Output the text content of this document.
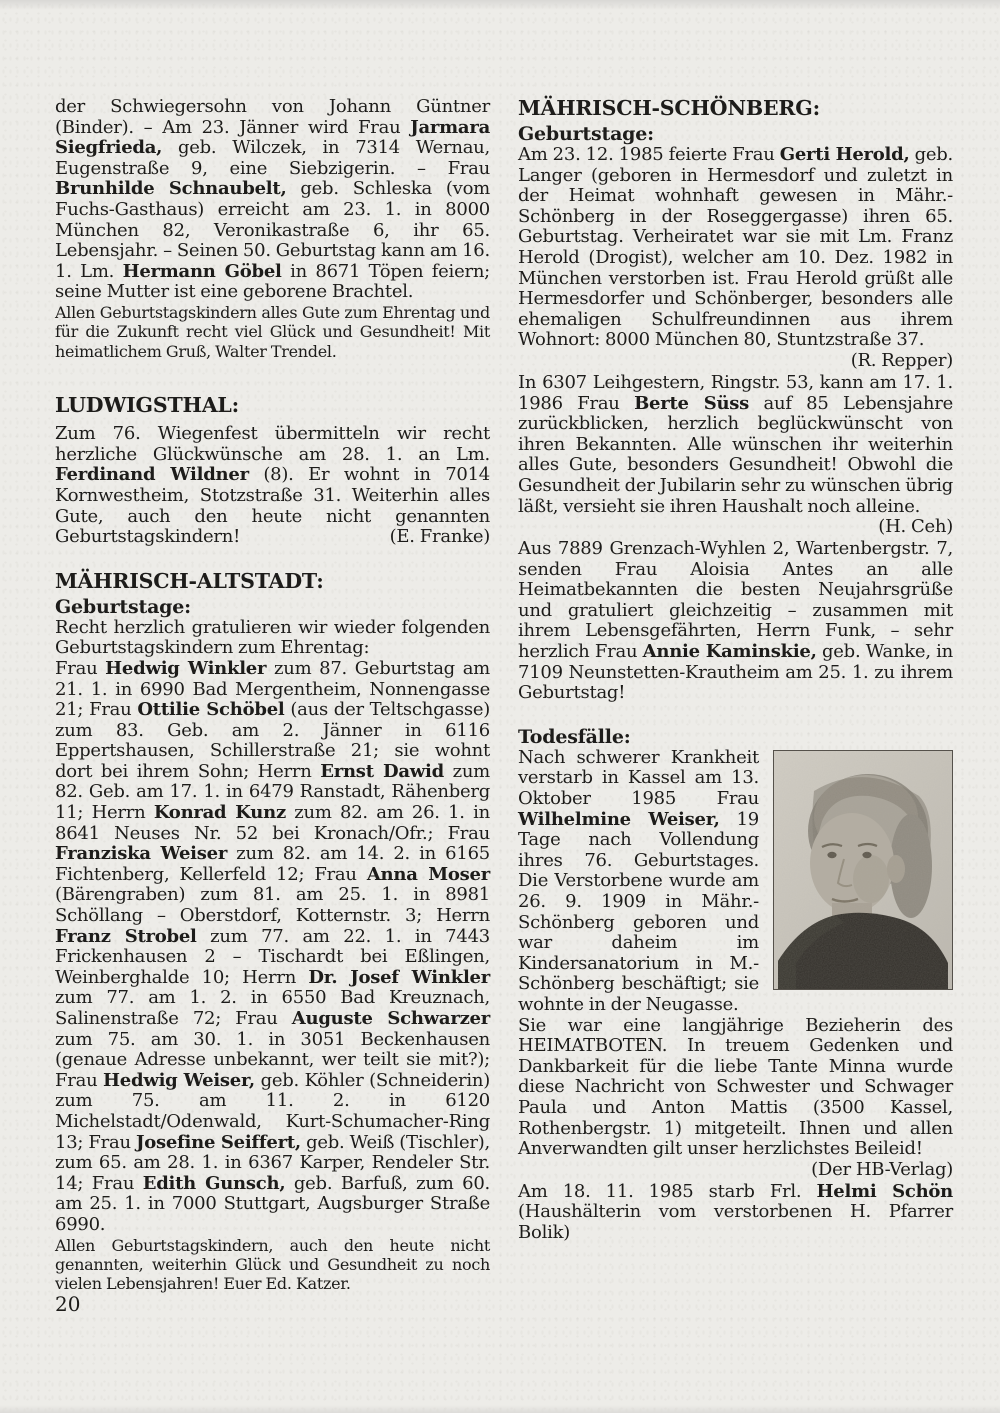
der Schwiegersohn von Johann Güntner (Binder). – Am 23. Jänner wird Frau Jarmara Siegfrieda, geb. Wilczek, in 7314 Wernau, Eugenstraße 9, eine Siebzigerin. – Frau Brunhilde Schnaubelt, geb. Schleska (vom Fuchs-Gasthaus) erreicht am 23. 1. in 8000 München 82, Veronikastraße 6, ihr 65. Lebensjahr. – Seinen 50. Geburtstag kann am 16. 1. Lm. Hermann Göbel in 8671 Töpen feiern; seine Mutter ist eine geborene Brachtel.

Allen Geburtstagskindern alles Gute zum Ehrentag und für die Zukunft recht viel Glück und Gesundheit! Mit heimatlichem Gruß, Walter Trendel.

LUDWIGSTHAL:

Zum 76. Wiegenfest übermitteln wir recht herzliche Glückwünsche am 28. 1. an Lm. Ferdinand Wildner (8). Er wohnt in 7014 Kornwestheim, Stotzstraße 31. Weiterhin alles Gute, auch den heute nicht genannten Geburtstagskindern!	(E. Franke)

MÄHRISCH-ALTSTADT:
Geburtstage:

Recht herzlich gratulieren wir wieder folgenden Geburtstagskindern zum Ehrentag:

Frau Hedwig Winkler zum 87. Geburtstag am 21. 1. in 6990 Bad Mergentheim, Nonnengasse 21; Frau Ottilie Schöbel (aus der Teltschgasse) zum 83. Geb. am 2. Jänner in 6116 Eppertshausen, Schillerstraße 21; sie wohnt dort bei ihrem Sohn; Herrn Ernst Dawid zum 82. Geb. am 17. 1. in 6479 Ranstadt, Rähenberg 11; Herrn Konrad Kunz zum 82. am 26. 1. in 8641 Neuses Nr. 52 bei Kronach/Ofr.; Frau Franziska Weiser zum 82. am 14. 2. in 6165 Fichtenberg, Kellerfeld 12; Frau Anna Moser (Bärengraben) zum 81. am 25. 1. in 8981 Schöllang – Oberstdorf, Kotternstr. 3; Herrn Franz Strobel zum 77. am 22. 1. in 7443 Frickenhausen 2 – Tischardt bei Eßlingen, Weinberghalde 10; Herrn Dr. Josef Winkler zum 77. am 1. 2. in 6550 Bad Kreuznach, Salinenstraße 72; Frau Auguste Schwarzer zum 75. am 30. 1. in 3051 Beckenhausen (genaue Adresse unbekannt, wer teilt sie mit?); Frau Hedwig Weiser, geb. Köhler (Schneiderin) zum 75. am 11. 2. in 6120 Michelstadt/Odenwald, Kurt-Schumacher-Ring 13; Frau Josefine Seiffert, geb. Weiß (Tischler), zum 65. am 28. 1. in 6367 Karper, Rendeler Str. 14; Frau Edith Gunsch, geb. Barfuß, zum 60. am 25. 1. in 7000 Stuttgart, Augsburger Straße 6990.

Allen Geburtstagskindern, auch den heute nicht genannten, weiterhin Glück und Gesundheit zu noch vielen Lebensjahren! Euer Ed. Katzer.

MÄHRISCH-SCHÖNBERG:
Geburtstage:

Am 23. 12. 1985 feierte Frau Gerti Herold, geb. Langer (geboren in Hermesdorf und zuletzt in der Heimat wohnhaft gewesen in Mähr.-Schönberg in der Roseggergasse) ihren 65. Geburtstag. Verheiratet war sie mit Lm. Franz Herold (Drogist), welcher am 10. Dez. 1982 in München verstorben ist. Frau Herold grüßt alle Hermesdorfer und Schönberger, besonders alle ehemaligen Schulfreundinnen aus ihrem Wohnort: 8000 München 80, Stuntzstraße 37.
(R. Repper)

In 6307 Leihgestern, Ringstr. 53, kann am 17. 1. 1986 Frau Berte Süss auf 85 Lebensjahre zurückblicken, herzlich beglückwünscht von ihren Bekannten. Alle wünschen ihr weiterhin alles Gute, besonders Gesundheit! Obwohl die Gesundheit der Jubilarin sehr zu wünschen übrig läßt, versieht sie ihren Haushalt noch alleine.
(H. Ceh)

Aus 7889 Grenzach-Wyhlen 2, Wartenbergstr. 7, senden Frau Aloisia Antes an alle Heimatbekannten die besten Neujahrsgrüße und gratuliert gleichzeitig – zusammen mit ihrem Lebensgefährten, Herrn Funk, – sehr herzlich Frau Annie Kaminskie, geb. Wanke, in 7109 Neunstetten-Krautheim am 25. 1. zu ihrem Geburtstag!

Todesfälle:

Nach schwerer Krankheit verstarb in Kassel am 13. Oktober 1985 Frau Wilhelmine Weiser, 19 Tage nach Vollendung ihres 76. Geburtstages. Die Verstorbene wurde am 26. 9. 1909 in Mähr.-Schönberg geboren und war daheim im Kindersanatorium in M.-Schönberg beschäftigt; sie wohnte in der Neugasse.

Sie war eine langjährige Bezieherin des HEIMATBOTEN. In treuem Gedenken und Dankbarkeit für die liebe Tante Minna wurde diese Nachricht von Schwester und Schwager Paula und Anton Mattis (3500 Kassel, Rothenbergstr. 1) mitgeteilt. Ihnen und allen Anverwandten gilt unser herzlichstes Beileid!
(Der HB-Verlag)

Am 18. 11. 1985 starb Frl. Helmi Schön (Haushälterin vom verstorbenen H. Pfarrer Bolik)

20
